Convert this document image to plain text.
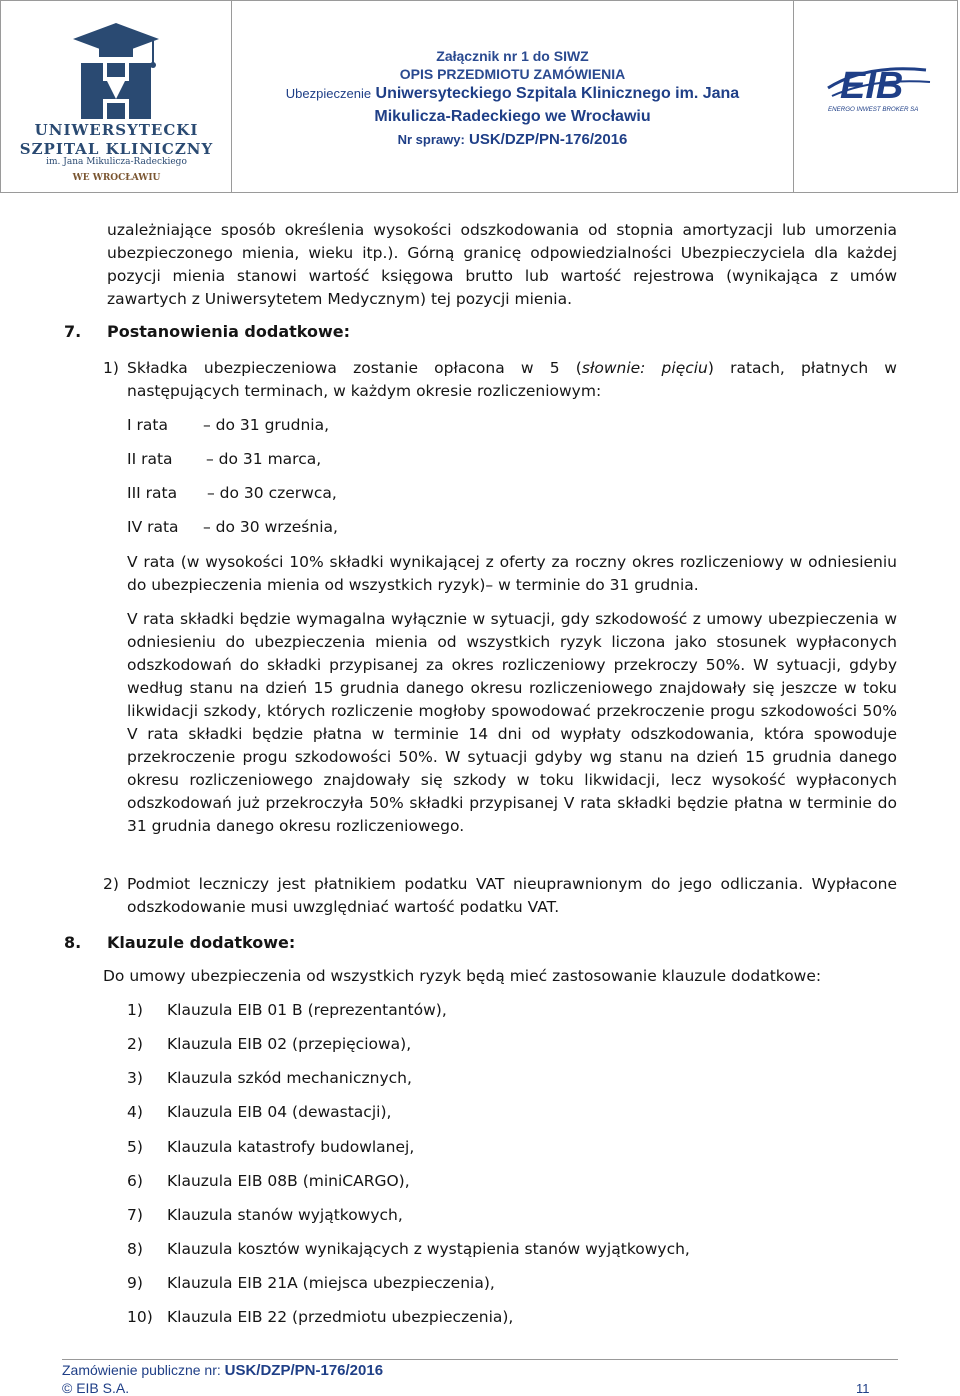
UNIWERSYTECKI
SZPITAL KLINICZNY
im. Jana Mikulicza-Radeckiego
WE WROCŁAWIU
Załącznik nr 1 do SIWZ
OPIS PRZEDMIOTU ZAMÓWIENIA
Ubezpieczenie Uniwersyteckiego Szpitala Klinicznego im. Jana
Mikulicza-Radeckiego we Wrocławiu
Nr sprawy: USK/DZP/PN-176/2016
EIB
ENERGO INWEST BROKER SA
uzależniające sposób określenia wysokości odszkodowania od stopnia amortyzacji lub umorzenia ubezpieczonego mienia, wieku itp.). Górną granicę odpowiedzialności Ubezpieczyciela dla każdej pozycji mienia stanowi wartość księgowa brutto lub wartość rejestrowa (wynikająca z umów zawartych z Uniwersytetem Medycznym) tej pozycji mienia.
7. Postanowienia dodatkowe:
1) Składka ubezpieczeniowa zostanie opłacona w 5 (słownie: pięciu) ratach, płatnych w następujących terminach, w każdym okresie rozliczeniowym:
I rata – do 31 grudnia,
II rata – do 31 marca,
III rata – do 30 czerwca,
IV rata – do 30 września,
V rata (w wysokości 10% składki wynikającej z oferty za roczny okres rozliczeniowy w odniesieniu do ubezpieczenia mienia od wszystkich ryzyk)– w terminie do 31 grudnia.
V rata składki będzie wymagalna wyłącznie w sytuacji, gdy szkodowość z umowy ubezpieczenia w odniesieniu do ubezpieczenia mienia od wszystkich ryzyk liczona jako stosunek wypłaconych odszkodowań do składki przypisanej za okres rozliczeniowy przekroczy 50%. W sytuacji, gdyby według stanu na dzień 15 grudnia danego okresu rozliczeniowego znajdowały się jeszcze w toku likwidacji szkody, których rozliczenie mogłoby spowodować przekroczenie progu szkodowości 50% V rata składki będzie płatna w terminie 14 dni od wypłaty odszkodowania, która spowoduje przekroczenie progu szkodowości 50%. W sytuacji gdyby wg stanu na dzień 15 grudnia danego okresu rozliczeniowego znajdowały się szkody w toku likwidacji, lecz wysokość wypłaconych odszkodowań już przekroczyła 50% składki przypisanej V rata składki będzie płatna w terminie do 31 grudnia danego okresu rozliczeniowego.
2) Podmiot leczniczy jest płatnikiem podatku VAT nieuprawnionym do jego odliczania. Wypłacone odszkodowanie musi uwzględniać wartość podatku VAT.
8. Klauzule dodatkowe:
Do umowy ubezpieczenia od wszystkich ryzyk będą mieć zastosowanie klauzule dodatkowe:
1) Klauzula EIB 01 B (reprezentantów),
2) Klauzula EIB 02 (przepięciowa),
3) Klauzula szkód mechanicznych,
4) Klauzula EIB 04 (dewastacji),
5) Klauzula katastrofy budowlanej,
6) Klauzula EIB 08B (miniCARGO),
7) Klauzula stanów wyjątkowych,
8) Klauzula kosztów wynikających z wystąpienia stanów wyjątkowych,
9) Klauzula EIB 21A (miejsca ubezpieczenia),
10) Klauzula EIB 22 (przedmiotu ubezpieczenia),
Zamówienie publiczne nr: USK/DZP/PN-176/2016
© EIB S.A.	11
